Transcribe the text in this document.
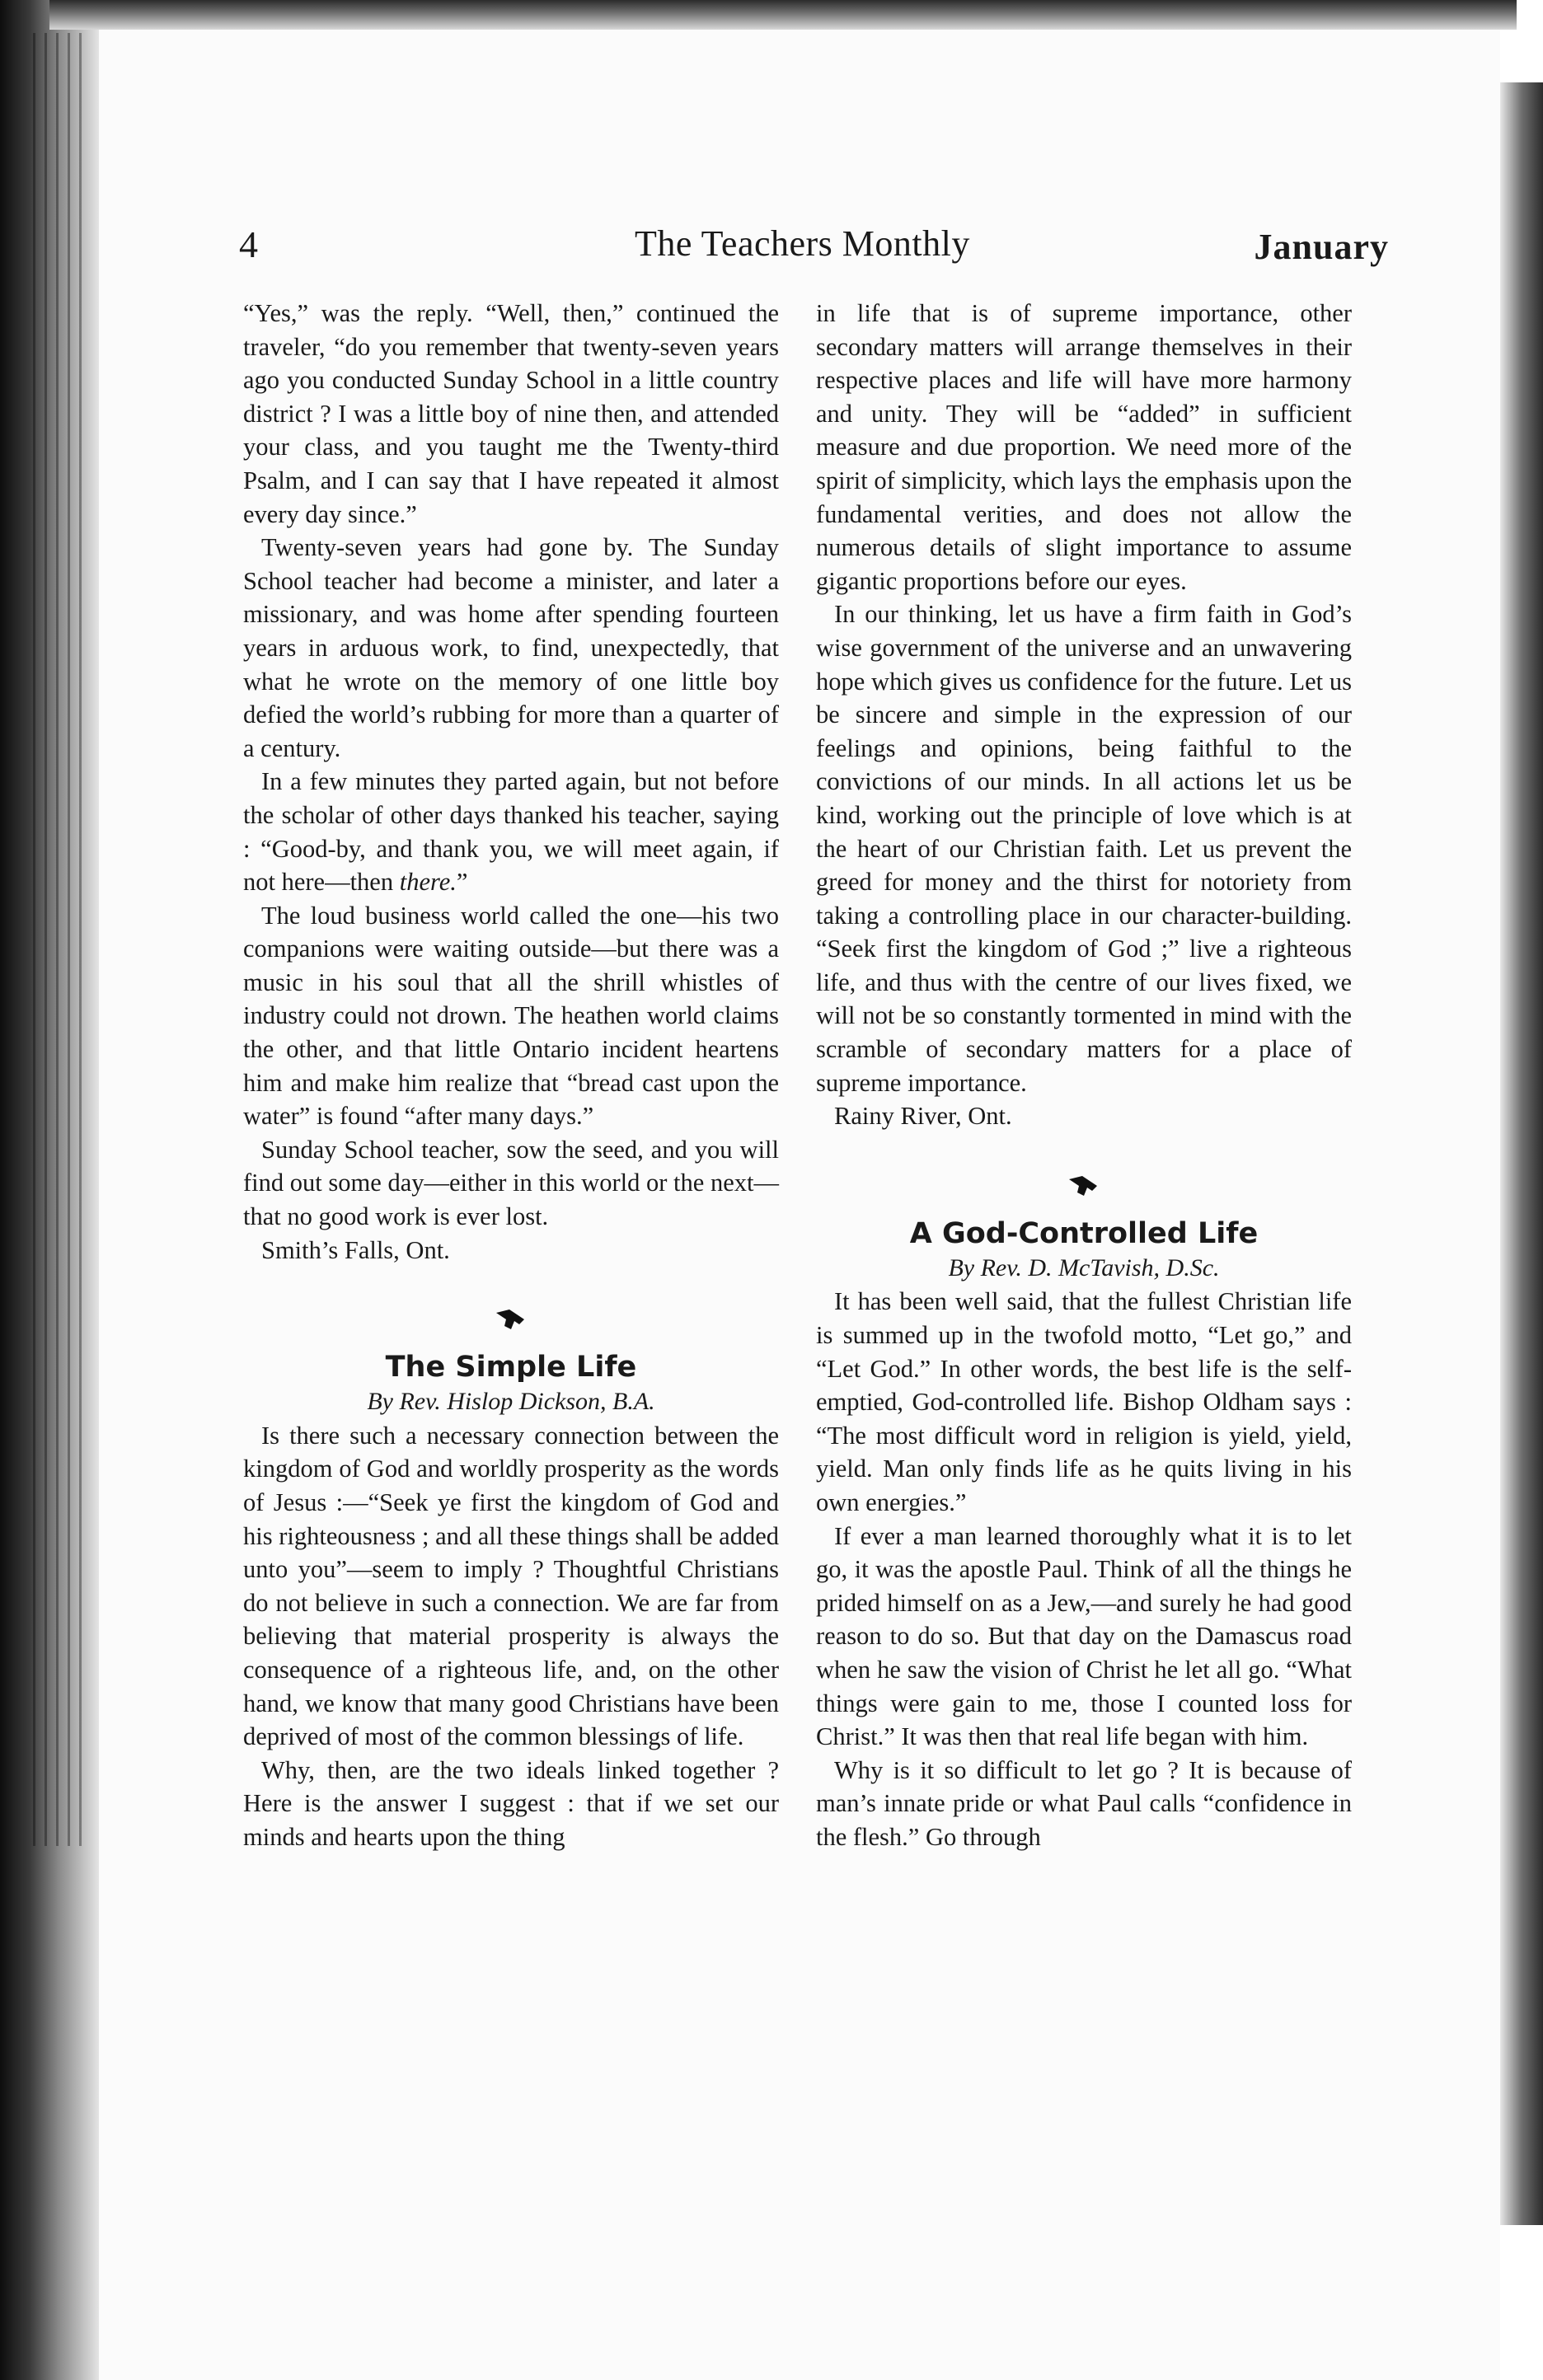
4	The Teachers Monthly	January

“Yes,” was the reply. “Well, then,” continued the traveler, “do you remember that twenty-seven years ago you conducted Sunday School in a little country district ? I was a little boy of nine then, and attended your class, and you taught me the Twenty-third Psalm, and I can say that I have repeated it almost every day since.”

Twenty-seven years had gone by. The Sunday School teacher had become a minister, and later a missionary, and was home after spending fourteen years in arduous work, to find, unexpectedly, that what he wrote on the memory of one little boy defied the world’s rubbing for more than a quarter of a century.

In a few minutes they parted again, but not before the scholar of other days thanked his teacher, saying : “Good-by, and thank you, we will meet again, if not here—then there.”

The loud business world called the one—his two companions were waiting outside—but there was a music in his soul that all the shrill whistles of industry could not drown. The heathen world claims the other, and that little Ontario incident heartens him and make him realize that “bread cast upon the water” is found “after many days.”

Sunday School teacher, sow the seed, and you will find out some day—either in this world or the next—that no good work is ever lost.

Smith’s Falls, Ont.

The Simple Life

By Rev. Hislop Dickson, B.A.

Is there such a necessary connection between the kingdom of God and worldly prosperity as the words of Jesus :—“Seek ye first the kingdom of God and his righteousness ; and all these things shall be added unto you”—seem to imply ? Thoughtful Christians do not believe in such a connection. We are far from believing that material prosperity is always the consequence of a righteous life, and, on the other hand, we know that many good Christians have been deprived of most of the common blessings of life.

Why, then, are the two ideals linked together ? Here is the answer I suggest : that if we set our minds and hearts upon the thing

in life that is of supreme importance, other secondary matters will arrange themselves in their respective places and life will have more harmony and unity. They will be “added” in sufficient measure and due proportion. We need more of the spirit of simplicity, which lays the emphasis upon the fundamental verities, and does not allow the numerous details of slight importance to assume gigantic proportions before our eyes.

In our thinking, let us have a firm faith in God’s wise government of the universe and an unwavering hope which gives us confidence for the future. Let us be sincere and simple in the expression of our feelings and opinions, being faithful to the convictions of our minds. In all actions let us be kind, working out the principle of love which is at the heart of our Christian faith. Let us prevent the greed for money and the thirst for notoriety from taking a controlling place in our character-building. “Seek first the kingdom of God ;” live a righteous life, and thus with the centre of our lives fixed, we will not be so constantly tormented in mind with the scramble of secondary matters for a place of supreme importance.

Rainy River, Ont.

A God-Controlled Life

By Rev. D. McTavish, D.Sc.

It has been well said, that the fullest Christian life is summed up in the twofold motto, “Let go,” and “Let God.” In other words, the best life is the self-emptied, God-controlled life. Bishop Oldham says : “The most difficult word in religion is yield, yield, yield. Man only finds life as he quits living in his own energies.”

If ever a man learned thoroughly what it is to let go, it was the apostle Paul. Think of all the things he prided himself on as a Jew,—and surely he had good reason to do so. But that day on the Damascus road when he saw the vision of Christ he let all go. “What things were gain to me, those I counted loss for Christ.” It was then that real life began with him.

Why is it so difficult to let go ? It is because of man’s innate pride or what Paul calls “confidence in the flesh.” Go through
